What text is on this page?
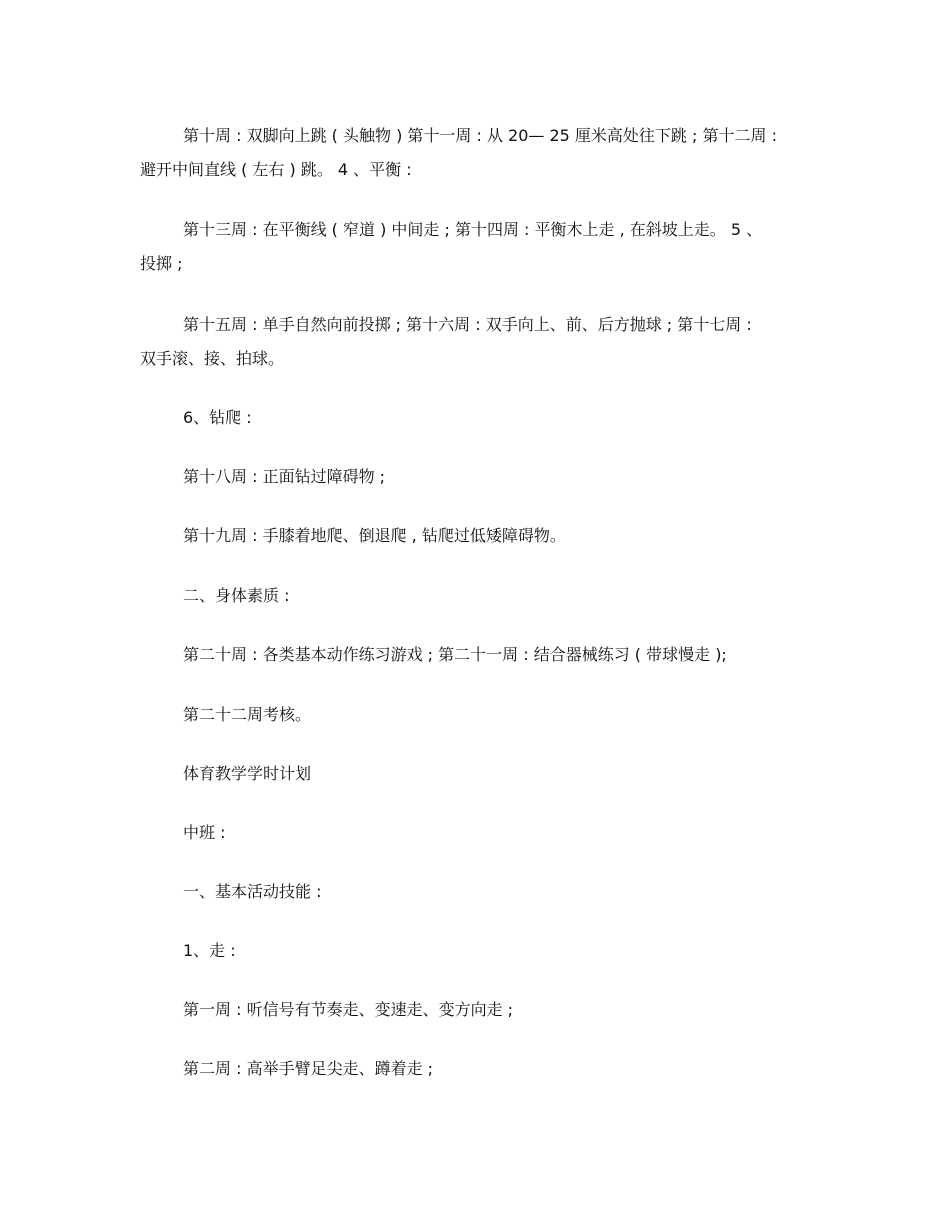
第十周 : 双脚向上跳 ( 头触物 ) 第十一周 : 从 20— 25 厘米高处往下跳 ; 第十二周 :
避开中间直线 ( 左右 ) 跳。 4 、平衡 :
第十三周 : 在平衡线 ( 窄道 ) 中间走 ; 第十四周 : 平衡木上走 , 在斜坡上走。 5 、
投掷 ;
第十五周 : 单手自然向前投掷 ; 第十六周 : 双手向上、前、后方抛球 ; 第十七周 :
双手滚、接、拍球。
6、钻爬 :
第十八周 : 正面钻过障碍物 ;
第十九周 : 手膝着地爬、倒退爬 , 钻爬过低矮障碍物。
二、身体素质 :
第二十周 : 各类基本动作练习游戏 ; 第二十一周 : 结合器械练习 ( 带球慢走 );
第二十二周考核。
体育教学学时计划
中班 :
一、基本活动技能 :
1、走 :
第一周 : 听信号有节奏走、变速走、变方向走 ;
第二周 : 高举手臂足尖走、蹲着走 ;
